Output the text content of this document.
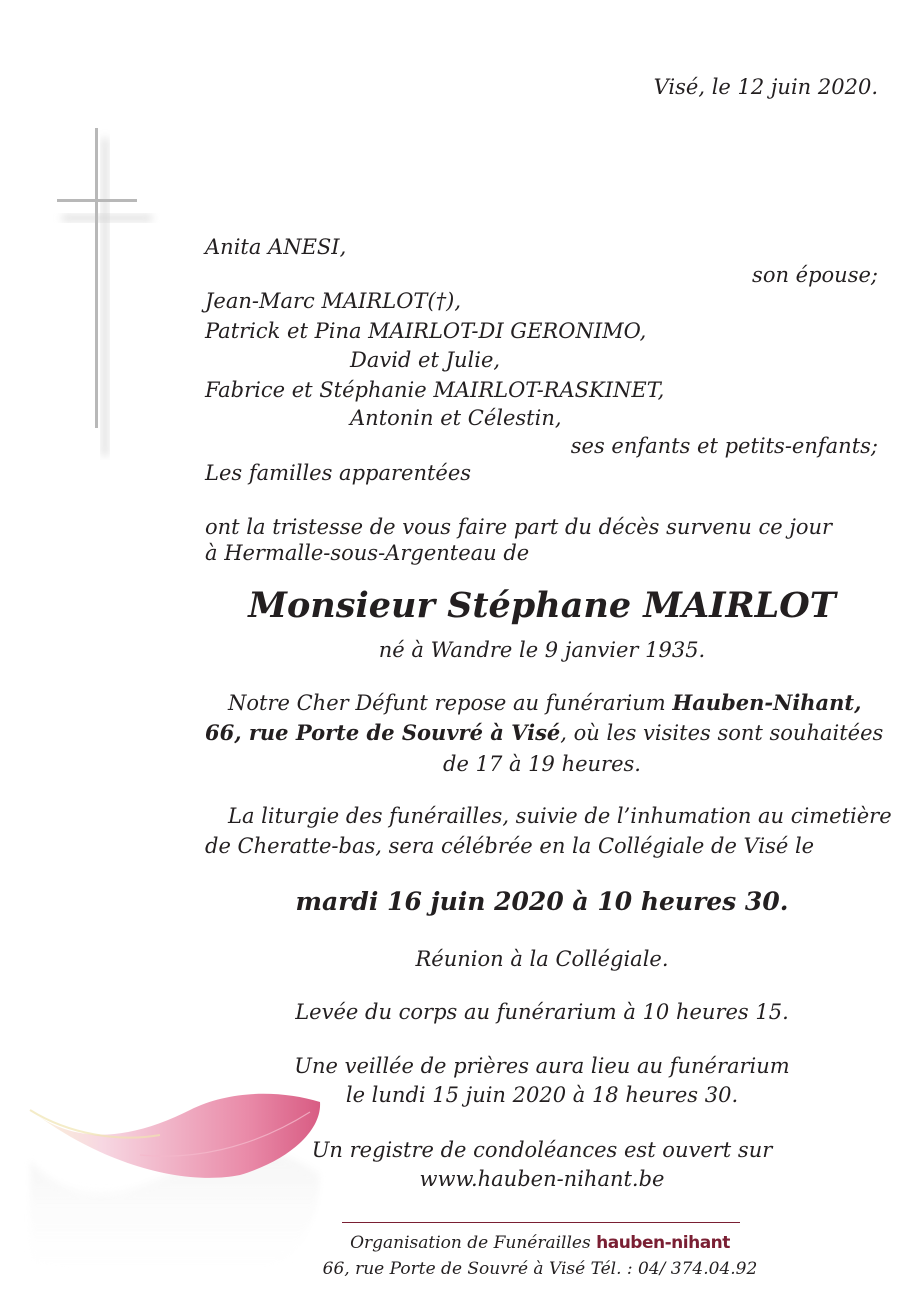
Visé, le 12 juin 2020.

Anita ANESI,

son épouse;

Jean-Marc MAIRLOT(†),

Patrick et Pina MAIRLOT-DI GERONIMO,

David et Julie,

Fabrice et Stéphanie MAIRLOT-RASKINET,

Antonin et Célestin,

ses enfants et petits-enfants;

Les familles apparentées

ont la tristesse de vous faire part du décès survenu ce jour

à Hermalle-sous-Argenteau de

Monsieur Stéphane MAIRLOT

né à Wandre le 9 janvier 1935.

Notre Cher Défunt repose au funérarium Hauben-Nihant,

66, rue Porte de Souvré à Visé, où les visites sont souhaitées

de 17 à 19 heures.

La liturgie des funérailles, suivie de l’inhumation au cimetière

de Cheratte-bas, sera célébrée en la Collégiale de Visé le

mardi 16 juin 2020 à 10 heures 30.

Réunion à la Collégiale.

Levée du corps au funérarium à 10 heures 15.

Une veillée de prières aura lieu au funérarium

le lundi 15 juin 2020 à 18 heures 30.

Un registre de condoléances est ouvert sur

www.hauben-nihant.be

Organisation de Funérailles hauben-nihant

66, rue Porte de Souvré à Visé Tél. : 04/ 374.04.92
